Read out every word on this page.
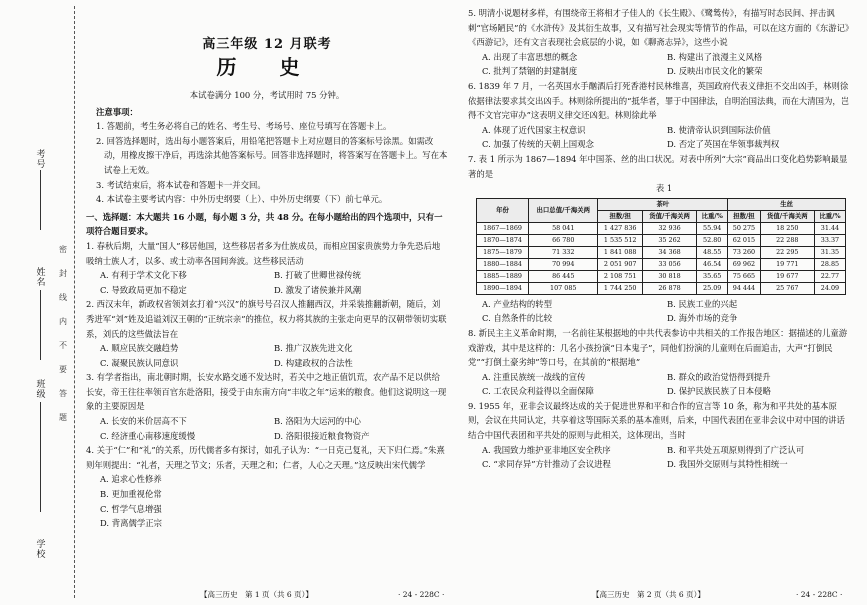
考号
姓名
班级
学校
密
封
线
内
不
要
答
题
高三年级 12 月联考
历 史
本试卷满分 100 分，考试用时 75 分钟。
注意事项：
1. 答题前，考生务必将自己的姓名、考生号、考场号、座位号填写在答题卡上。
2. 回答选择题时，选出每小题答案后，用铅笔把答题卡上对应题目的答案标号涂黑。如需改动，用橡皮擦干净后，再选涂其他答案标号。回答非选择题时，将答案写在答题卡上。写在本试卷上无效。
3. 考试结束后，将本试卷和答题卡一并交回。
4. 本试卷主要考试内容：中外历史纲要（上）、中外历史纲要（下）前七单元。
一、选择题：本大题共 16 小题，每小题 3 分，共 48 分。在每小题给出的四个选项中，只有一项符合题目要求。
1. 春秋后期，大量“国人”移居他国，这些移居者多为仕族成员，而相应国家贵族势力争先恐后地吸纳士族人才，以多、或士动率各国间奔波。这些移民活动
A. 有利于学术文化下移	B. 打破了世卿世禄传统
C. 导致政局更加不稳定	D. 激发了诸侯兼并风潮
2. 西汉末年，新政权省领刘玄打着“兴汉”的旗号号召汉人推翻西汉，并采装推翻新朝，随后，刘秀进军“刘”姓及追谥刘汉王朝的“正统宗亲”的推位，权力将其族的主张走向更早的汉朝带领切实联系，刘氏的这些做法旨在
A. 顺应民族交融趋势	B. 推广汉族先进文化
C. 凝聚民族认同意识	D. 构建政权的合法性
3. 有学者指出，南北朝时期，长安水路交通不发达时，若关中之地正值饥荒，农产品不足以供给长安，帝王往往率领百官东赴洛阳，接受于由东南方向“丰收之年”运来的粮食。他们这说明这一现象的主要原因是
A. 长安的米价居高不下	B. 洛阳为大运河的中心
C. 经济重心南移速度缓慢	D. 洛阳很接近粮食物资产
4. 关于“仁”和“礼”的关系，历代儒者多有探讨，如孔子认为：“一日克己复礼，天下归仁焉。”朱熹则年则提出：“礼者，天理之节文；乐者，天理之和；仁者，人心之天理。”这反映出宋代儒学
A. 追求心性修养
B. 更加重视伦常
C. 哲学气息增强
D. 背离儒学正宗
5. 明清小说题材多样，有围绕帝王将相才子佳人的《长生殿》、《鹭鸶传》，有描写时态民间、抨击讽刺“官场陋民”的《水浒传》及其衍生故事，又有描写社会现实等情节的作品，可以在这方面的《东游记》《西游记》，还有文言表现社会底层的小说，如《聊斋志异》，这些小说
A. 出现了丰富思想的概念	B. 构建出了浪漫主义风格
C. 批判了禁锢的封建制度	D. 反映出市民文化的繁荣
6. 1839 年 7 月，一名英国水手酗酒后打死香港村民林维喜，英国政府代表义律拒不交出凶手，林则徐依据律法要求其交出凶手。林则徐所提出的“抵华者，罪于中国律法，自明治国法典，而在大清国为，岂得不文官完审办”这表明义律交还凶犯。林则徐此举
A. 体现了近代国家主权意识	B. 使清帝认识到国际法价值
C. 加强了传统的天朝上国观念	D. 否定了英国在华领事裁判权
7. 表 1 所示为 1867—1894 年中国茶、丝的出口状况。对表中所列“大宗”商品出口变化趋势影响最显著的是
表 1
年份	出口总值/千海关两	茶叶			生丝		
		担数/担	货值/千海关两	比重/%	担数/担	货值/千海关两	比重/%
1867—1869	58 041	1 427 836	32 936	55.94	50 275	18 250	31.44
1870—1874	66 780	1 535 512	35 262	52.80	62 015	22 288	33.37
1875—1879	71 332	1 841 088	34 368	48.55	73 260	22 295	31.35
1880—1884	70 994	2 051 907	33 056	46.54	69 962	19 771	28.85
1885—1889	86 445	2 108 751	30 818	35.65	75 665	19 677	22.77
1890—1894	107 085	1 744 250	26 878	25.09	94 444	25 767	24.09
A. 产业结构的转型	B. 民族工业的兴起
C. 自然条件的比较	D. 海外市场的竞争
8. 新民主主义革命时期，一名前往某根据地的中共代表参访中共相关的工作报告地区：据描述的儿童游戏游戏，其中是这样的：几名小孩扮演“日本鬼子”，同他们扮演的儿童则在后面追击，大声“打倒民党”“打倒土豪劣绅”等口号，在其前的“根据地”
A. 注重民族统一战线的宣传	B. 群众的政治觉悟得到提升
C. 工农民众利益得以全面保障	D. 保护民族民族了日本侵略
9. 1955 年，亚非会议最终达成的关于促进世界和平和合作的宣言等 10 条，称为和平共处的基本原则，会议在共同认定，共享着这等国际关系的基本准则，后来，中国代表团在亚非会议中对中国的讲话结合中国代表团和平共处的原则与此相关，这体现出，当时
A. 我国致力维护亚非地区安全秩序	B. 和平共处五项原则得到了广泛认可
C. “求同存异”方针推动了会议进程	D. 我国外交原则与其特性相统一
【高三历史　第 1 页（共 6 页）】	· 24 - 228C ·	【高三历史　第 2 页（共 6 页）】	· 24 - 228C ·
